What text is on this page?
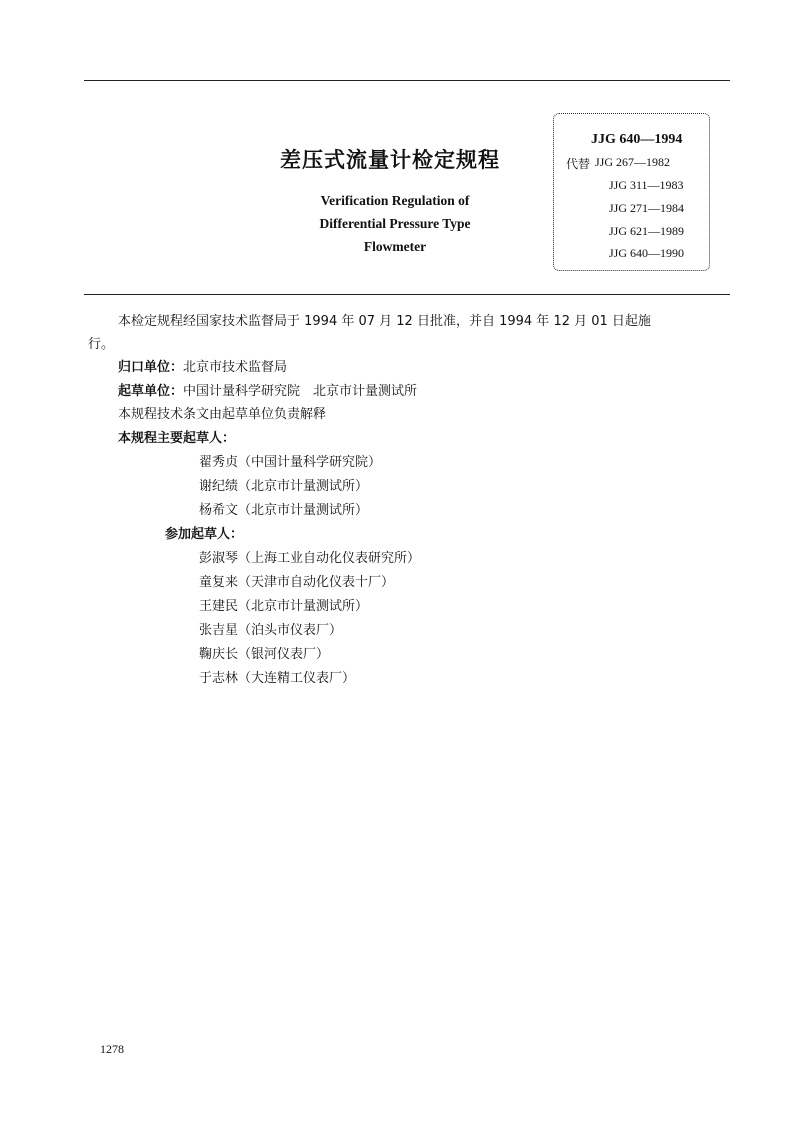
差压式流量计检定规程
Verification Regulation of
Differential Pressure Type
Flowmeter
JJG 640—1994
代替 JJG 267—1982
JJG 311—1983
JJG 271—1984
JJG 621—1989
JJG 640—1990
本检定规程经国家技术监督局于 1994 年 07 月 12 日批准，并自 1994 年 12 月 01 日起施
行。
归口单位：北京市技术监督局
起草单位：中国计量科学研究院　北京市计量测试所
本规程技术条文由起草单位负责解释
本规程主要起草人：
翟秀贞（中国计量科学研究院）
谢纪绩（北京市计量测试所）
杨希文（北京市计量测试所）
参加起草人：
彭淑琴（上海工业自动化仪表研究所）
童复来（天津市自动化仪表十厂）
王建民（北京市计量测试所）
张吉星（泊头市仪表厂）
鞠庆长（银河仪表厂）
于志林（大连精工仪表厂）
1278
